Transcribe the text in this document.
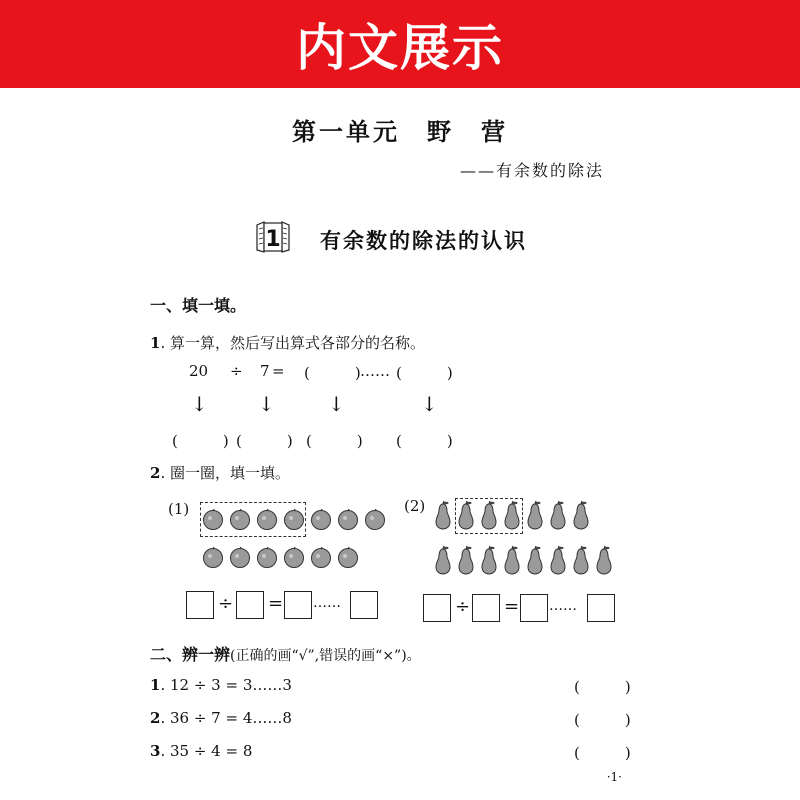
内文展示
第一单元　野　营
——有余数的除法
1 有余数的除法的认识
一、填一填。
1. 算一算，然后写出算式各部分的名称。
20 ÷ 7 = (　　　) …… (　　　)
↓	↓	↓	↓
(　　　) (　　　) (　　　) (　　　)
2. 圈一圈，填一填。
(1)	(2)
÷ = ……	÷ = ……
二、辨一辨(正确的画“√”,错误的画“×”)。
1. 12 ÷ 3 = 3……3	(　　　)
2. 36 ÷ 7 = 4……8	(　　　)
3. 35 ÷ 4 = 8	(　　　)
·1·
